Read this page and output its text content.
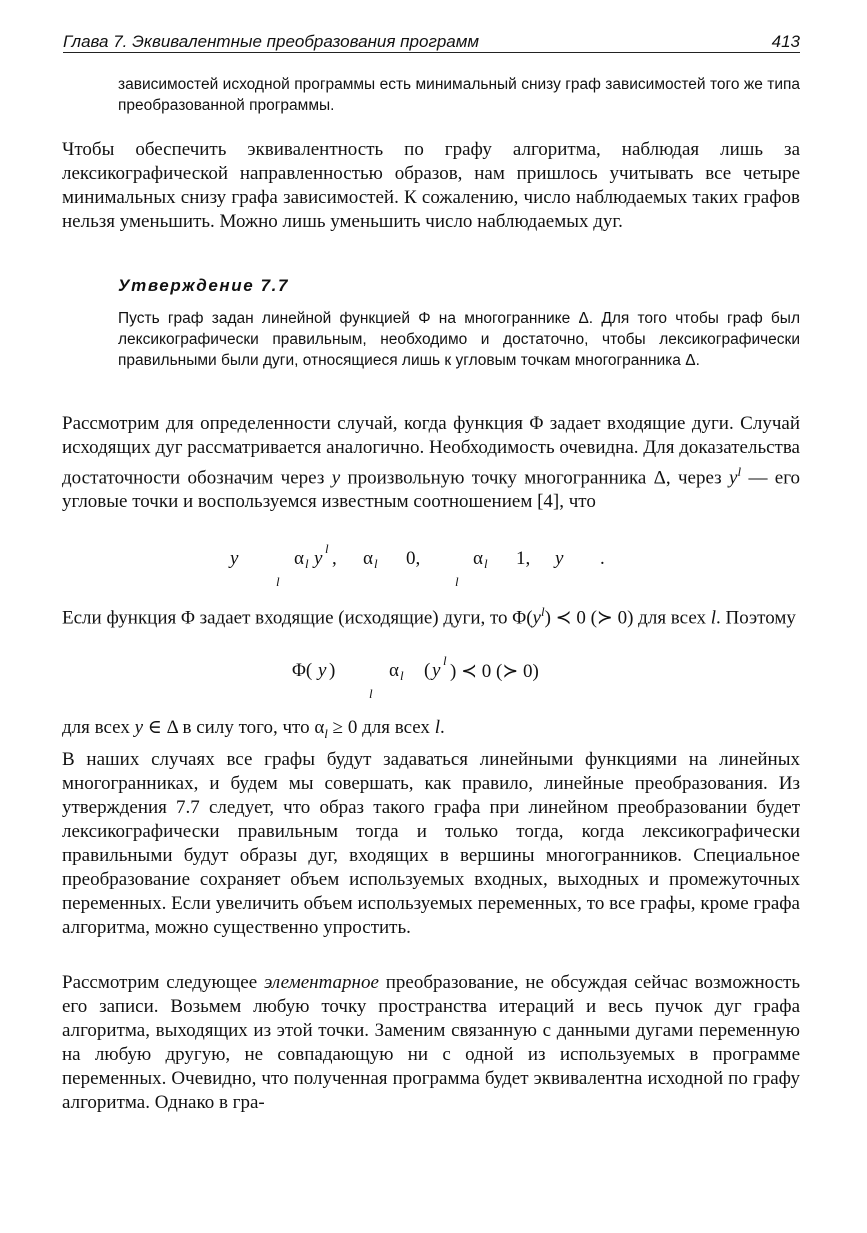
Глава 7. Эквивалентные преобразования программ	413
зависимостей исходной программы есть минимальный снизу граф зависимостей того же типа преобразованной программы.
Чтобы обеспечить эквивалентность по графу алгоритма, наблюдая лишь за лексикографической направленностью образов, нам пришлось учитывать все четыре минимальных снизу графа зависимостей. К сожалению, число наблюдаемых таких графов нельзя уменьшить. Можно лишь уменьшить число наблюдаемых дуг.
Утверждение 7.7
Пусть граф задан линейной функцией Φ на многограннике Δ. Для того чтобы граф был лексикографически правильным, необходимо и достаточно, чтобы лексикографически правильными были дуги, относящиеся лишь к угловым точкам многогранника Δ.
Рассмотрим для определенности случай, когда функция Φ задает входящие дуги. Случай исходящих дуг рассматривается аналогично. Необходимость очевидна. Для доказательства достаточности обозначим через y произвольную точку многогранника Δ, через $y^l$ — его угловые точки и воспользуемся известным соотношением [4], что
y	α l y l , α l 0,	α l 1, y .
l	l
Если функция Φ задает входящие (исходящие) дуги, то $\Phi(y^l)$ ≺ 0 (≻ 0) для всех l. Поэтому
Φ( y )	α l ( y l
) ≺ 0 (≻ 0)
l
для всех y ∈ Δ в силу того, что $\alpha_l \ge 0$ для всех l.
В наших случаях все графы будут задаваться линейными функциями на линейных многогранниках, и будем мы совершать, как правило, линейные преобразования. Из утверждения 7.7 следует, что образ такого графа при линейном преобразовании будет лексикографически правильным тогда и только тогда, когда лексикографически правильными будут образы дуг, входящих в вершины многогранников. Специальное преобразование сохраняет объем используемых входных, выходных и промежуточных переменных. Если увеличить объем используемых переменных, то все графы, кроме графа алгоритма, можно существенно упростить.
Рассмотрим следующее элементарное преобразование, не обсуждая сейчас возможность его записи. Возьмем любую точку пространства итераций и весь пучок дуг графа алгоритма, выходящих из этой точки. Заменим связанную с данными дугами переменную на любую другую, не совпадающую ни с одной из используемых в программе переменных. Очевидно, что полученная программа будет эквивалентна исходной по графу алгоритма. Однако в гра-
